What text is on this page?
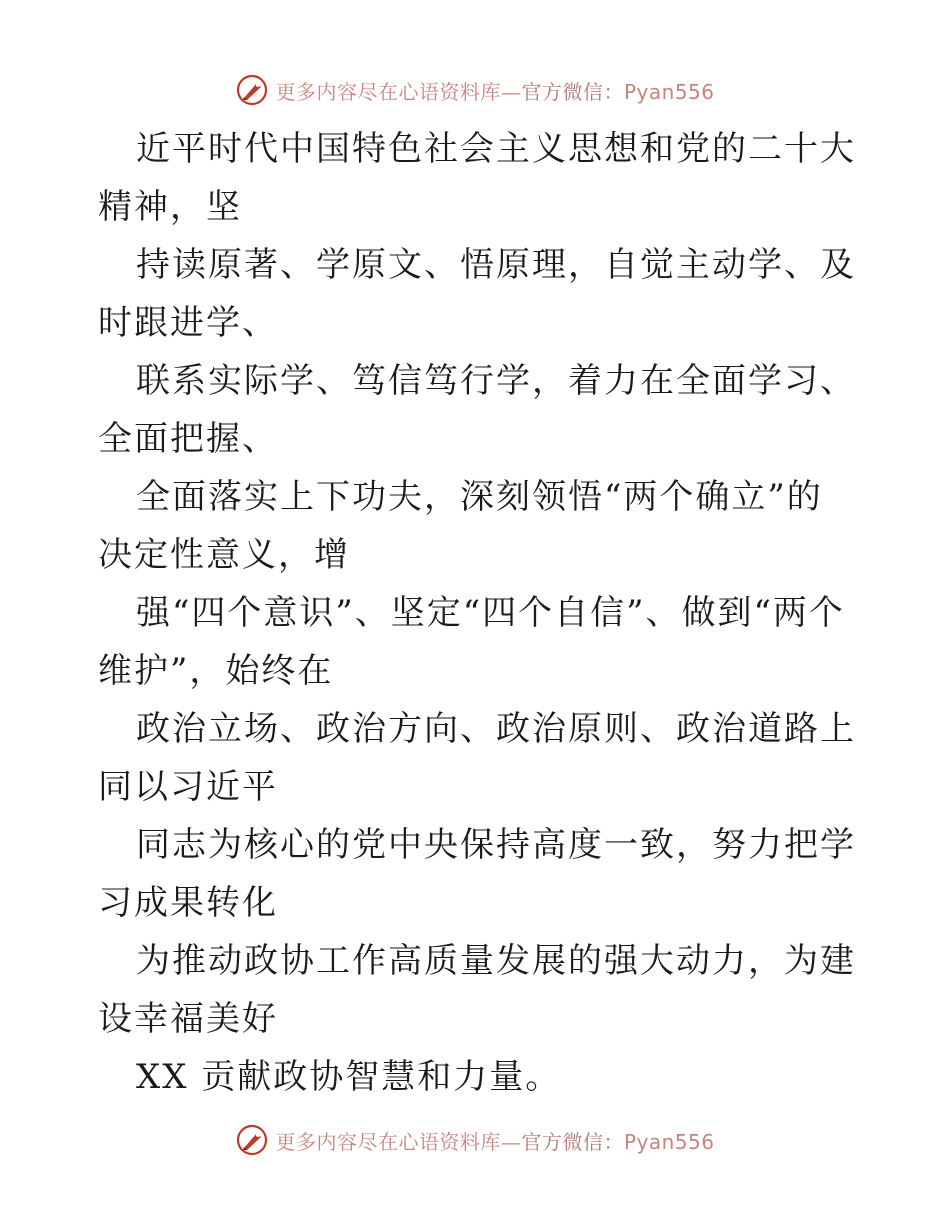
更多内容尽在心语资料库—官方微信：Pyan556

近平时代中国特色社会主义思想和党的二十大精神，坚

持读原著、学原文、悟原理，自觉主动学、及时跟进学、

联系实际学、笃信笃行学，着力在全面学习、全面把握、

全面落实上下功夫，深刻领悟“两个确立”的决定性意义，增

强“四个意识”、坚定“四个自信”、做到“两个维护”，始终在

政治立场、政治方向、政治原则、政治道路上同以习近平

同志为核心的党中央保持高度一致，努力把学习成果转化

为推动政协工作高质量发展的强大动力，为建设幸福美好

XX 贡献政协智慧和力量。

更多内容尽在心语资料库—官方微信：Pyan556
